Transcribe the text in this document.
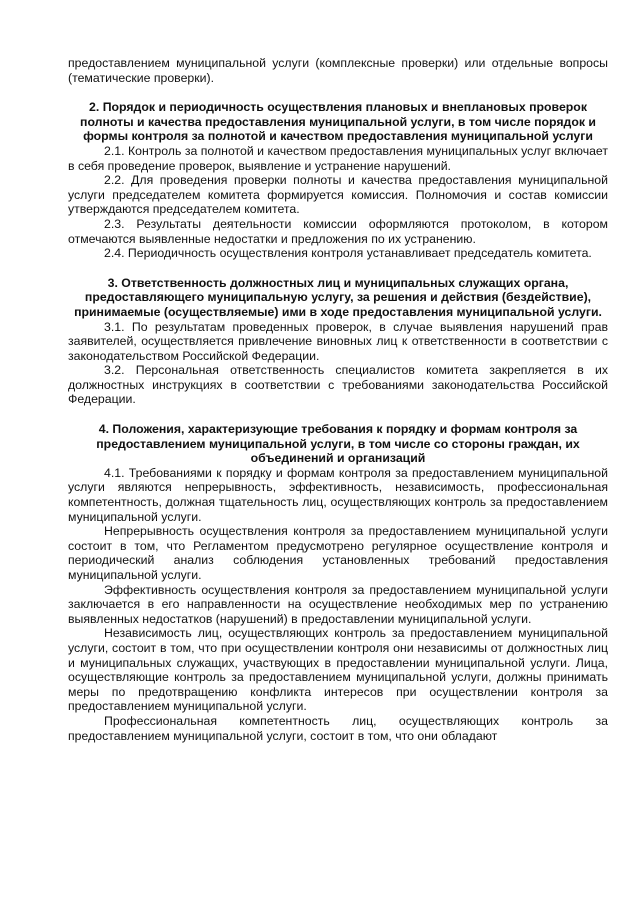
предоставлением муниципальной услуги (комплексные проверки) или отдельные вопросы (тематические проверки).

2. Порядок и периодичность осуществления плановых и внеплановых проверок полноты и качества предоставления муниципальной услуги, в том числе порядок и формы контроля за полнотой и качеством предоставления муниципальной услуги

2.1. Контроль за полнотой и качеством предоставления муниципальных услуг включает в себя проведение проверок, выявление и устранение нарушений.

2.2. Для проведения проверки полноты и качества предоставления муниципальной услуги председателем комитета формируется комиссия. Полномочия и состав комиссии утверждаются председателем комитета.

2.3. Результаты деятельности комиссии оформляются протоколом, в котором отмечаются выявленные недостатки и предложения по их устранению.

2.4. Периодичность осуществления контроля устанавливает председатель комитета.

3. Ответственность должностных лиц и муниципальных служащих органа, предоставляющего муниципальную услугу, за решения и действия (бездействие), принимаемые (осуществляемые) ими в ходе предоставления муниципальной услуги.

3.1. По результатам проведенных проверок, в случае выявления нарушений прав заявителей, осуществляется привлечение виновных лиц к ответственности в соответствии с законодательством Российской Федерации.

3.2. Персональная ответственность специалистов комитета закрепляется в их должностных инструкциях в соответствии с требованиями законодательства Российской Федерации.

4. Положения, характеризующие требования к порядку и формам контроля за предоставлением муниципальной услуги, в том числе со стороны граждан, их объединений и организаций

4.1. Требованиями к порядку и формам контроля за предоставлением муниципальной услуги являются непрерывность, эффективность, независимость, профессиональная компетентность, должная тщательность лиц, осуществляющих контроль за предоставлением муниципальной услуги.

Непрерывность осуществления контроля за предоставлением муниципальной услуги состоит в том, что Регламентом предусмотрено регулярное осуществление контроля и периодический анализ соблюдения установленных требований предоставления муниципальной услуги.

Эффективность осуществления контроля за предоставлением муниципальной услуги заключается в его направленности на осуществление необходимых мер по устранению выявленных недостатков (нарушений) в предоставлении муниципальной услуги.

Независимость лиц, осуществляющих контроль за предоставлением муниципальной услуги, состоит в том, что при осуществлении контроля они независимы от должностных лиц и муниципальных служащих, участвующих в предоставлении муниципальной услуги. Лица, осуществляющие контроль за предоставлением муниципальной услуги, должны принимать меры по предотвращению конфликта интересов при осуществлении контроля за предоставлением муниципальной услуги.

Профессиональная компетентность лиц, осуществляющих контроль за предоставлением муниципальной услуги, состоит в том, что они обладают
